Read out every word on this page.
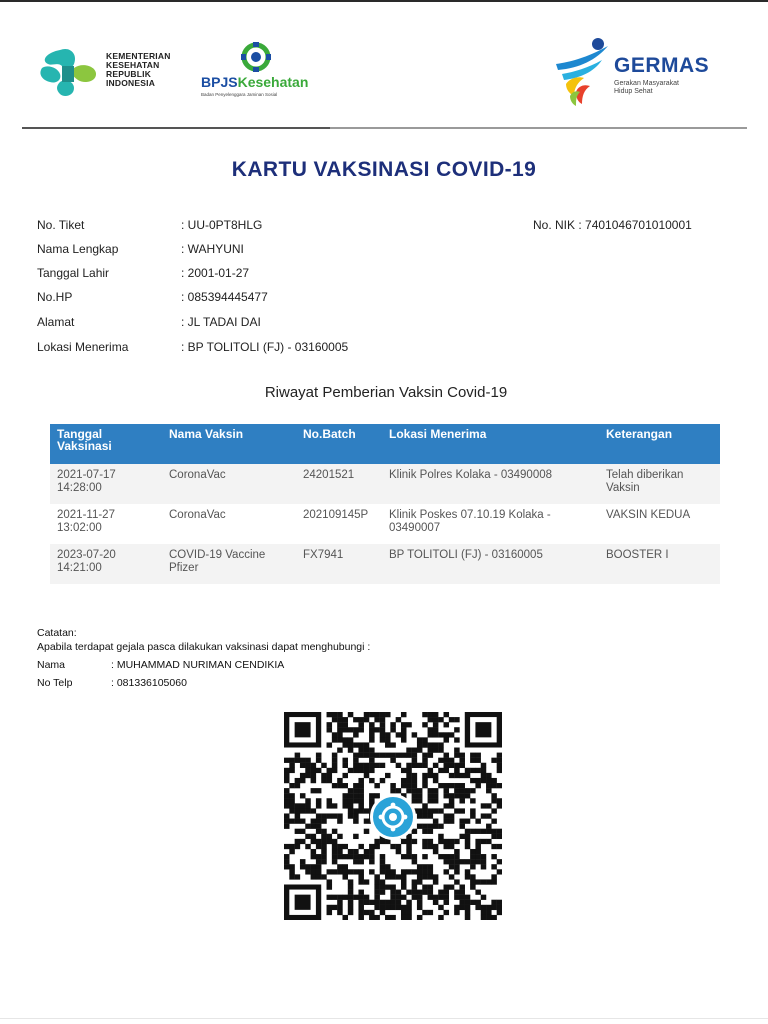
KEMENTERIAN
KESEHATAN
REPUBLIK
INDONESIA	BPJSKesehatan
Badan Penyelenggara Jaminan Sosial
GERMAS
Gerakan Masyarakat
Hidup Sehat
KARTU VAKSINASI COVID-19
No. Tiket	: UU-0PT8HLG
Nama Lengkap	: WAHYUNI
Tanggal Lahir	: 2001-01-27
No.HP	: 085394445477
Alamat	: JL TADAI DAI
Lokasi Menerima	: BP TOLITOLI (FJ) - 03160005
No. NIK : 7401046701010001
Riwayat Pemberian Vaksin Covid-19
Tanggal Vaksinasi	Nama Vaksin	No.Batch	Lokasi Menerima	Keterangan
2021-07-17 14:28:00	CoronaVac	24201521	Klinik Polres Kolaka - 03490008	Telah diberikan Vaksin
2021-11-27 13:02:00	CoronaVac	202109145P	Klinik Poskes 07.10.19 Kolaka - 03490007	VAKSIN KEDUA
2023-07-20 14:21:00	COVID-19 Vaccine Pfizer	FX7941	BP TOLITOLI (FJ) - 03160005	BOOSTER I
Catatan:
Apabila terdapat gejala pasca dilakukan vaksinasi dapat menghubungi :
Nama	: MUHAMMAD NURIMAN CENDIKIA
No Telp	: 081336105060
